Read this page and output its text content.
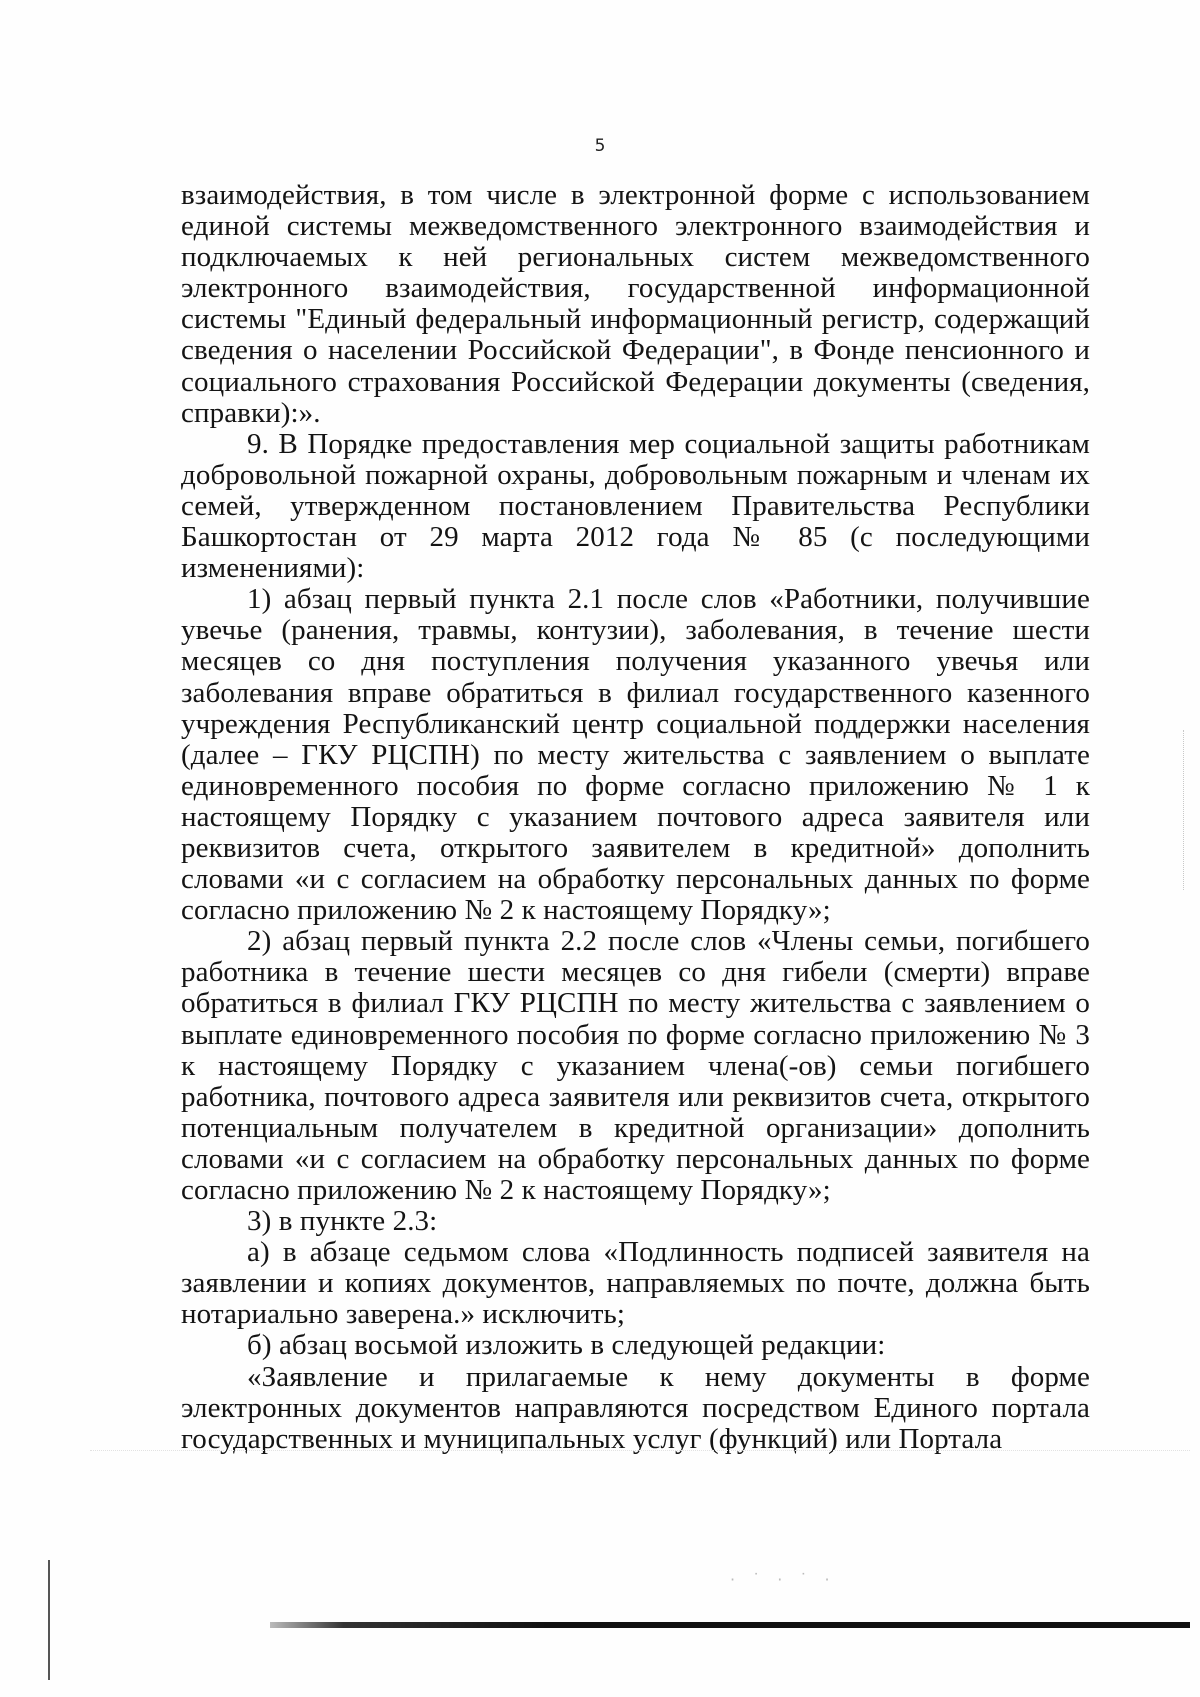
5

взаимодействия, в том числе в электронной форме с использованием единой системы межведомственного электронного взаимодействия и подключаемых к ней региональных систем межведомственного электронного взаимодействия, государственной информационной системы "Единый федеральный информационный регистр, содержащий сведения о населении Российской Федерации", в Фонде пенсионного и социального страхования Российской Федерации документы (сведения, справки):».

9. В Порядке предоставления мер социальной защиты работникам добровольной пожарной охраны, добровольным пожарным и членам их семей, утвержденном постановлением Правительства Республики Башкортостан от 29 марта 2012 года № 85 (с последующими изменениями):

1) абзац первый пункта 2.1 после слов «Работники, получившие увечье (ранения, травмы, контузии), заболевания, в течение шести месяцев со дня поступления получения указанного увечья или заболевания вправе обратиться в филиал государственного казенного учреждения Республиканский центр социальной поддержки населения (далее – ГКУ РЦСПН) по месту жительства с заявлением о выплате единовременного пособия по форме согласно приложению № 1 к настоящему Порядку с указанием почтового адреса заявителя или реквизитов счета, открытого заявителем в кредитной» дополнить словами «и с согласием на обработку персональных данных по форме согласно приложению № 2 к настоящему Порядку»;

2) абзац первый пункта 2.2 после слов «Члены семьи, погибшего работника в течение шести месяцев со дня гибели (смерти) вправе обратиться в филиал ГКУ РЦСПН по месту жительства с заявлением о выплате единовременного пособия по форме согласно приложению № 3 к настоящему Порядку с указанием члена(-ов) семьи погибшего работника, почтового адреса заявителя или реквизитов счета, открытого потенциальным получателем в кредитной организации» дополнить словами «и с согласием на обработку персональных данных по форме согласно приложению № 2 к настоящему Порядку»;

3) в пункте 2.3:

а) в абзаце седьмом слова «Подлинность подписей заявителя на заявлении и копиях документов, направляемых по почте, должна быть нотариально заверена.» исключить;

б) абзац восьмой изложить в следующей редакции:

«Заявление и прилагаемые к нему документы в форме электронных документов направляются посредством Единого портала государственных и муниципальных услуг (функций) или Портала

· ˙ · ˙ ·
